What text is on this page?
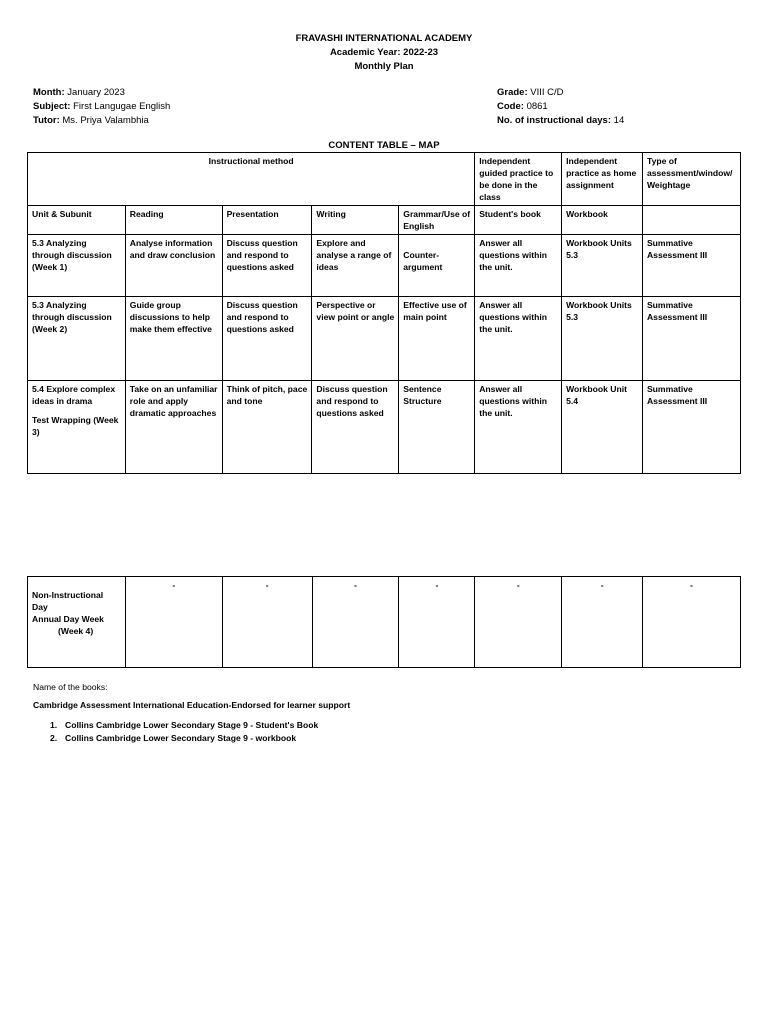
FRAVASHI INTERNATIONAL ACADEMY
Academic Year: 2022-23
Monthly Plan
Month: January 2023
Subject: First Langugae English
Tutor: Ms. Priya Valambhia
Grade: VIII C/D
Code: 0861
No. of instructional days: 14
CONTENT TABLE – MAP
Instructional method					Independent guided practice to be done in the class	Independent practice as home assignment	Type of assessment/window/ Weightage
Unit & Subunit	Reading	Presentation	Writing	Grammar/Use of English	Student's book	Workbook	
5.3 Analyzing through discussion (Week 1)	Analyse information and draw conclusion	Discuss question and respond to questions asked	Explore and analyse a range of ideas	Counter-argument	Answer all questions within the unit.	Workbook Units 5.3	Summative Assessment III
5.3 Analyzing through discussion (Week 2)	Guide group discussions to help make them effective	Discuss question and respond to questions asked	Perspective or view point or angle	Effective use of main point	Answer all questions within the unit.	Workbook Units 5.3	Summative Assessment III

5.4 Explore complex ideas in drama
Test Wrapping (Week 3)	Take on an unfamiliar role and apply dramatic approaches	Think of pitch, pace and tone	Discuss question and respond to questions asked	Sentence Structure	Answer all questions within the unit.	Workbook Unit 5.4	Summative Assessment III
Non-Instructional Day
Annual Day Week
(Week 4)
	-	-	-	-	-	-	-
Name of the books:
Cambridge Assessment International Education-Endorsed for learner support
1. Collins Cambridge Lower Secondary Stage 9 - Student's Book
2. Collins Cambridge Lower Secondary Stage 9 - workbook
